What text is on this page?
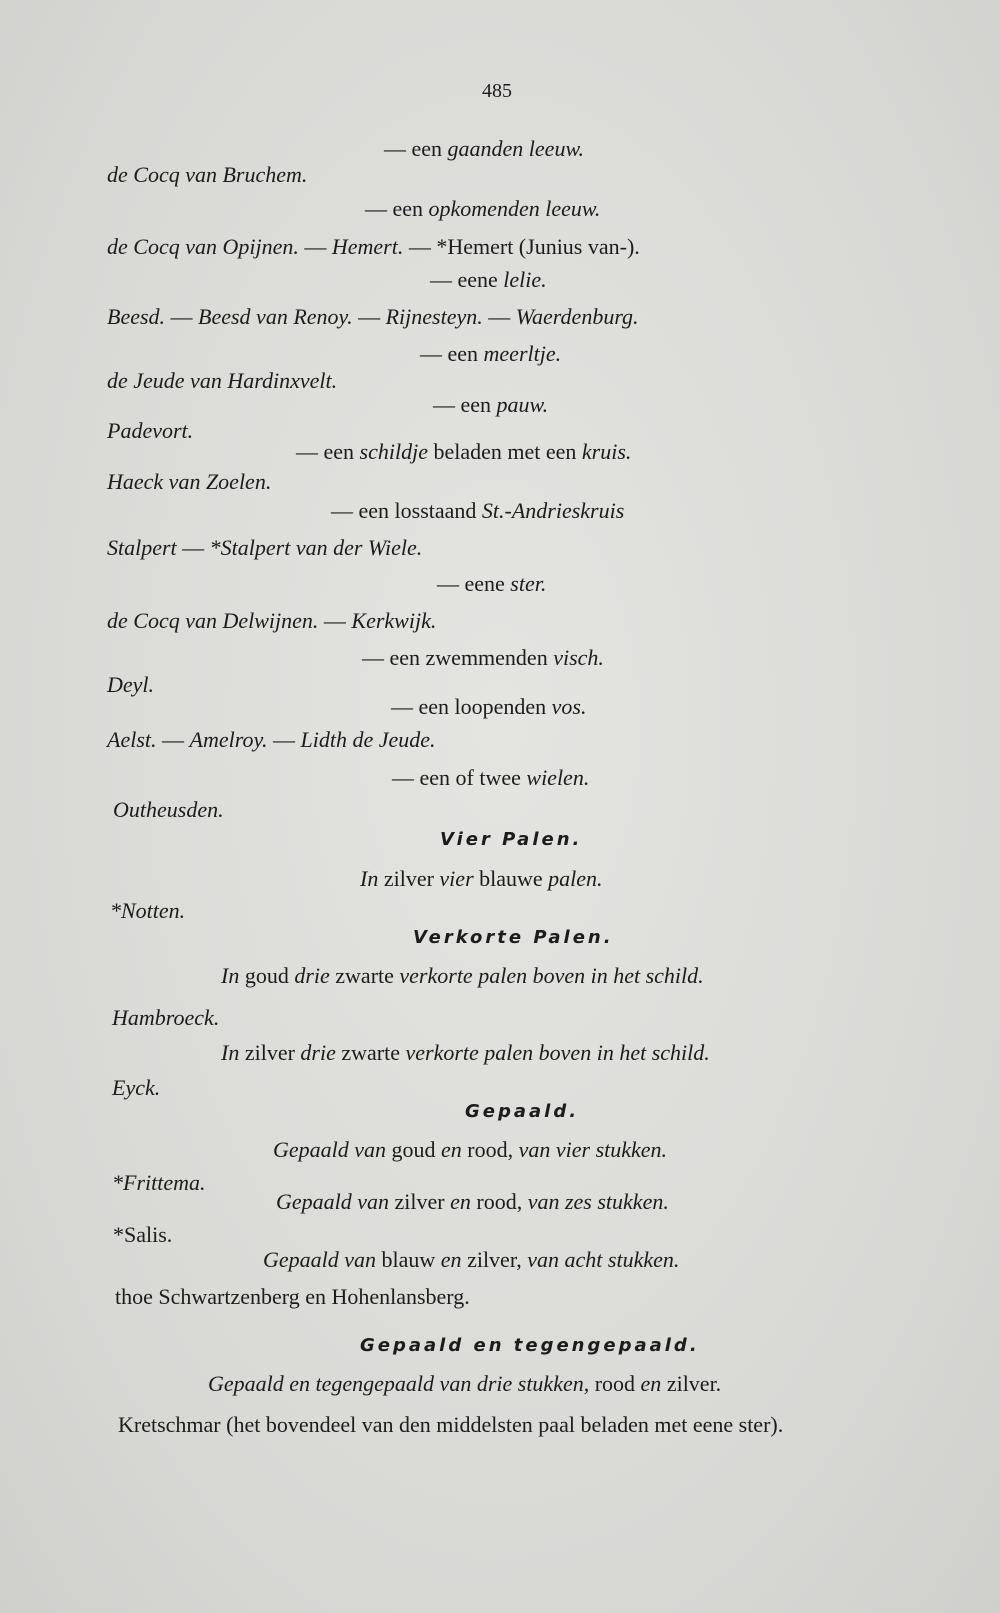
485
— een gaanden leeuw.
de Cocq van Bruchem.
— een opkomenden leeuw.
de Cocq van Opijnen. — Hemert. — *Hemert (Junius van-).
— eene lelie.
Beesd. — Beesd van Renoy. — Rijnesteyn. — Waerdenburg.
— een meerltje.
de Jeude van Hardinxvelt.
— een pauw.
Padevort.
— een schildje beladen met een kruis.
Haeck van Zoelen.
— een losstaand St.-Andrieskruis
Stalpert — *Stalpert van der Wiele.
— eene ster.
de Cocq van Delwijnen. — Kerkwijk.
— een zwemmenden visch.
Deyl.
— een loopenden vos.
Aelst. — Amelroy. — Lidth de Jeude.
— een of twee wielen.
Outheusden.
In zilver vier blauwe palen.
*Notten.
In goud drie zwarte verkorte palen boven in het schild.
Hambroeck.
In zilver drie zwarte verkorte palen boven in het schild.
Eyck.
Gepaald van goud en rood, van vier stukken.
*Frittema.
Gepaald van zilver en rood, van zes stukken.
*Salis.
Gepaald van blauw en zilver, van acht stukken.
thoe Schwartzenberg en Hohenlansberg.
Gepaald en tegengepaald van drie stukken, rood en zilver.
Kretschmar (het bovendeel van den middelsten paal beladen met eene ster).
Vier Palen.
Verkorte Palen.
Gepaald.
Gepaald en tegengepaald.
